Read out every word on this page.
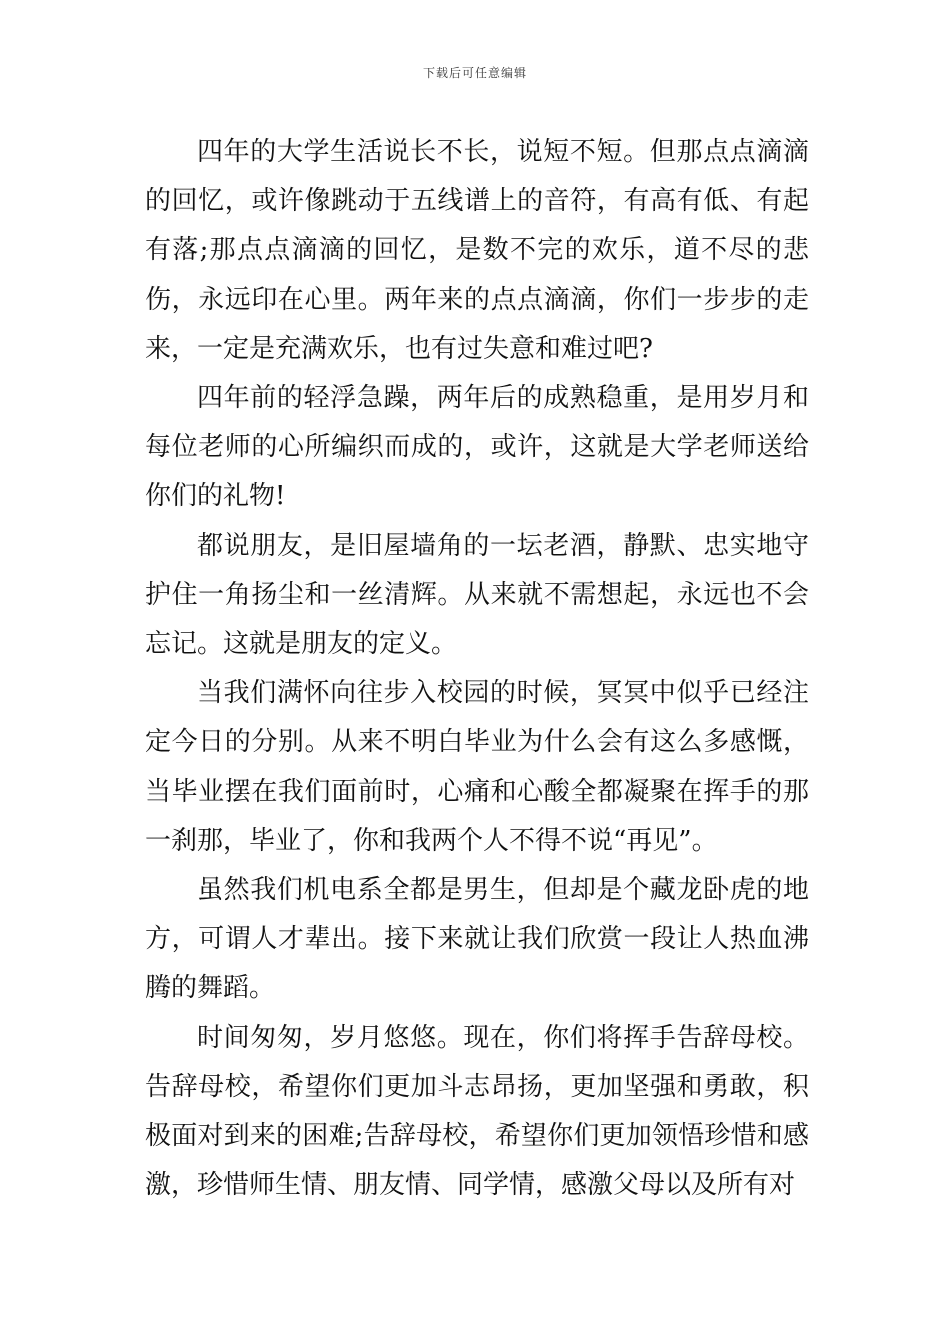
下载后可任意编辑

四年的大学生活说长不长，说短不短。但那点点滴滴的回忆，或许像跳动于五线谱上的音符，有高有低、有起有落;那点点滴滴的回忆，是数不完的欢乐，道不尽的悲伤，永远印在心里。两年来的点点滴滴，你们一步步的走来，一定是充满欢乐，也有过失意和难过吧?

四年前的轻浮急躁，两年后的成熟稳重，是用岁月和每位老师的心所编织而成的，或许，这就是大学老师送给你们的礼物!

都说朋友，是旧屋墙角的一坛老酒，静默、忠实地守护住一角扬尘和一丝清辉。从来就不需想起，永远也不会忘记。这就是朋友的定义。

当我们满怀向往步入校园的时候，冥冥中似乎已经注定今日的分别。从来不明白毕业为什么会有这么多感慨，当毕业摆在我们面前时，心痛和心酸全都凝聚在挥手的那一刹那，毕业了，你和我两个人不得不说“再见”。

虽然我们机电系全都是男生，但却是个藏龙卧虎的地方，可谓人才辈出。接下来就让我们欣赏一段让人热血沸腾的舞蹈。

时间匆匆，岁月悠悠。现在，你们将挥手告辞母校。告辞母校，希望你们更加斗志昂扬，更加坚强和勇敢，积极面对到来的困难;告辞母校，希望你们更加领悟珍惜和感激，珍惜师生情、朋友情、同学情，感激父母以及所有对
